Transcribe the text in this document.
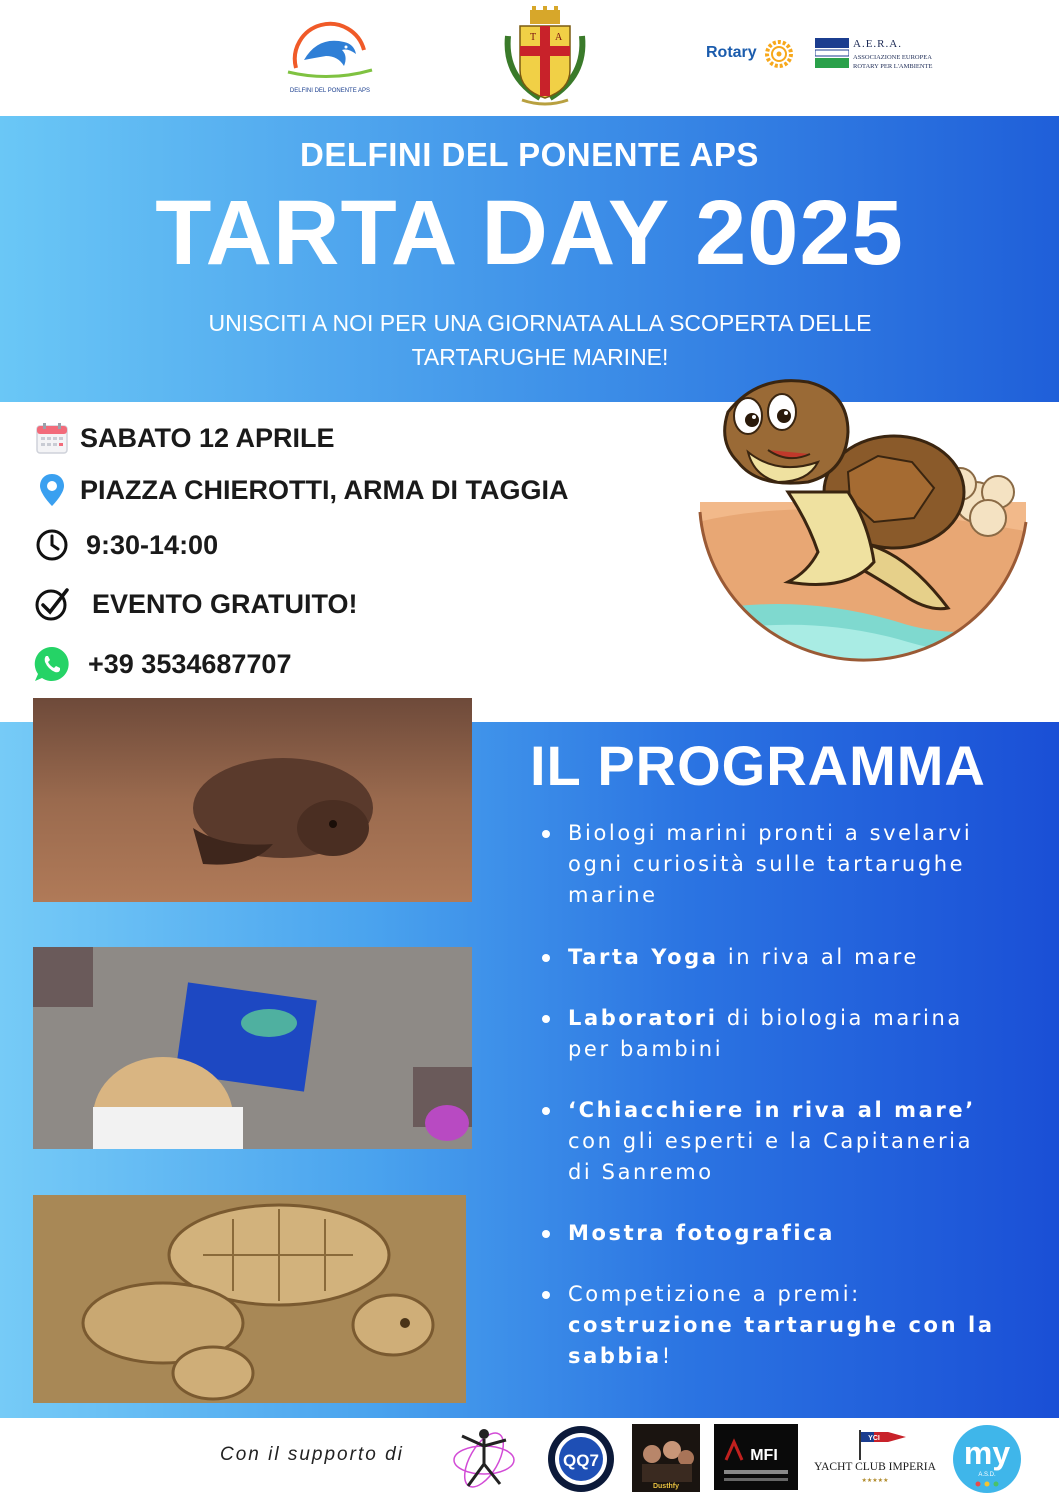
DELFINI DEL PONENTE APS
T A
Rotary	A.E.R.A.
ASSOCIAZIONE EUROPEA
ROTARY PER L'AMBIENTE
DELFINI DEL PONENTE APS
TARTA DAY 2025
UNISCITI A NOI PER UNA GIORNATA ALLA SCOPERTA DELLE TARTARUGHE MARINE!
SABATO 12 APRILE
PIAZZA CHIEROTTI, ARMA DI TAGGIA
9:30-14:00
EVENTO GRATUITO!
+39 3534687707
IL PROGRAMMA
Biologi marini pronti a svelarvi ogni curiosità sulle tartarughe marine
Tarta Yoga in riva al mare
Laboratori di biologia marina per bambini
‘Chiacchiere in riva al mare’ con gli esperti e la Capitaneria di Sanremo
Mostra fotografica
Competizione a premi: costruzione tartarughe con la sabbia!
Con il supporto di	QQ7
Dusthfy
MFI
YCI
YACHT CLUB IMPERIA
★★★★★
my
A.S.D.
